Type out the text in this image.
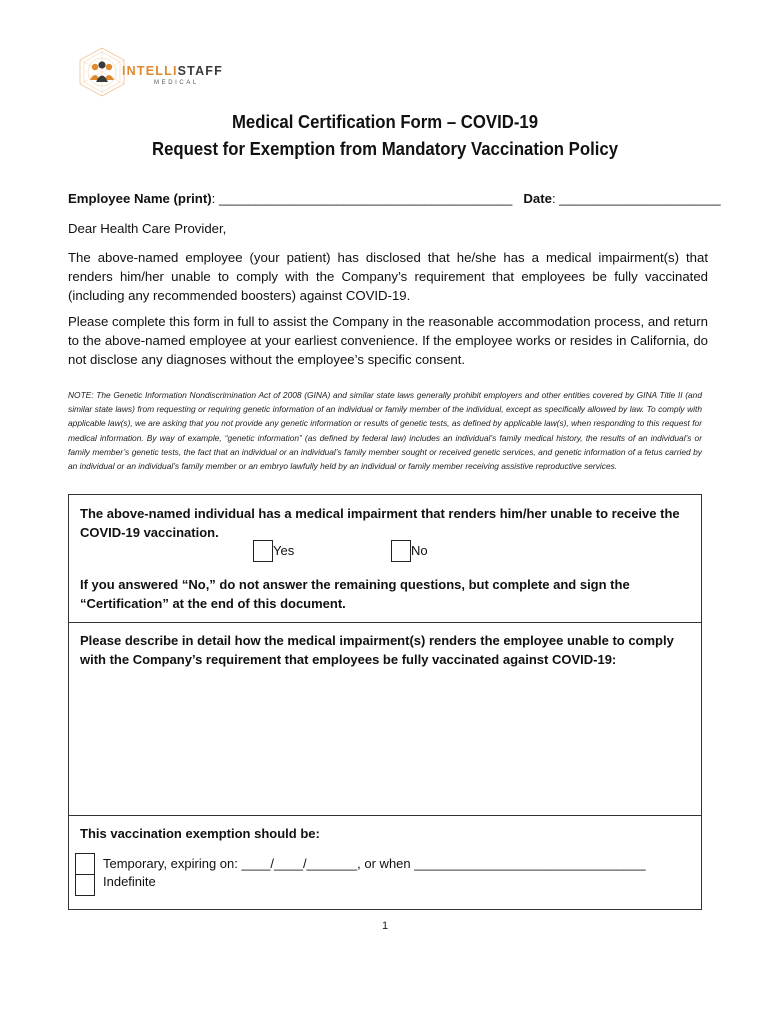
INTELLISTAFF
MEDICAL
Medical Certification Form – COVID-19
Request for Exemption from Mandatory Vaccination Policy
Employee Name (print): ________________________________________ Date: ______________________
Dear Health Care Provider,
The above-named employee (your patient) has disclosed that he/she has a medical impairment(s) that renders him/her unable to comply with the Company’s requirement that employees be fully vaccinated (including any recommended boosters) against COVID-19.
Please complete this form in full to assist the Company in the reasonable accommodation process, and return to the above-named employee at your earliest convenience. If the employee works or resides in California, do not disclose any diagnoses without the employee’s specific consent.
NOTE: The Genetic Information Nondiscrimination Act of 2008 (GINA) and similar state laws generally prohibit employers and other entities covered by GINA Title II (and similar state laws) from requesting or requiring genetic information of an individual or family member of the individual, except as specifically allowed by law. To comply with applicable law(s), we are asking that you not provide any genetic information or results of genetic tests, as defined by applicable law(s), when responding to this request for medical information. By way of example, “genetic information” (as defined by federal law) includes an individual’s family medical history, the results of an individual’s or family member’s genetic tests, the fact that an individual or an individual’s family member sought or received genetic services, and genetic information of a fetus carried by an individual or an individual’s family member or an embryo lawfully held by an individual or family member receiving assistive reproductive services.
The above-named individual has a medical impairment that renders him/her unable to receive the COVID-19 vaccination.
Yes	No
If you answered “No,” do not answer the remaining questions, but complete and sign the “Certification” at the end of this document.
Please describe in detail how the medical impairment(s) renders the employee unable to comply with the Company’s requirement that employees be fully vaccinated against COVID-19:
This vaccination exemption should be:
Temporary, expiring on: ____/____/_______, or when ________________________________
Indefinite
1
